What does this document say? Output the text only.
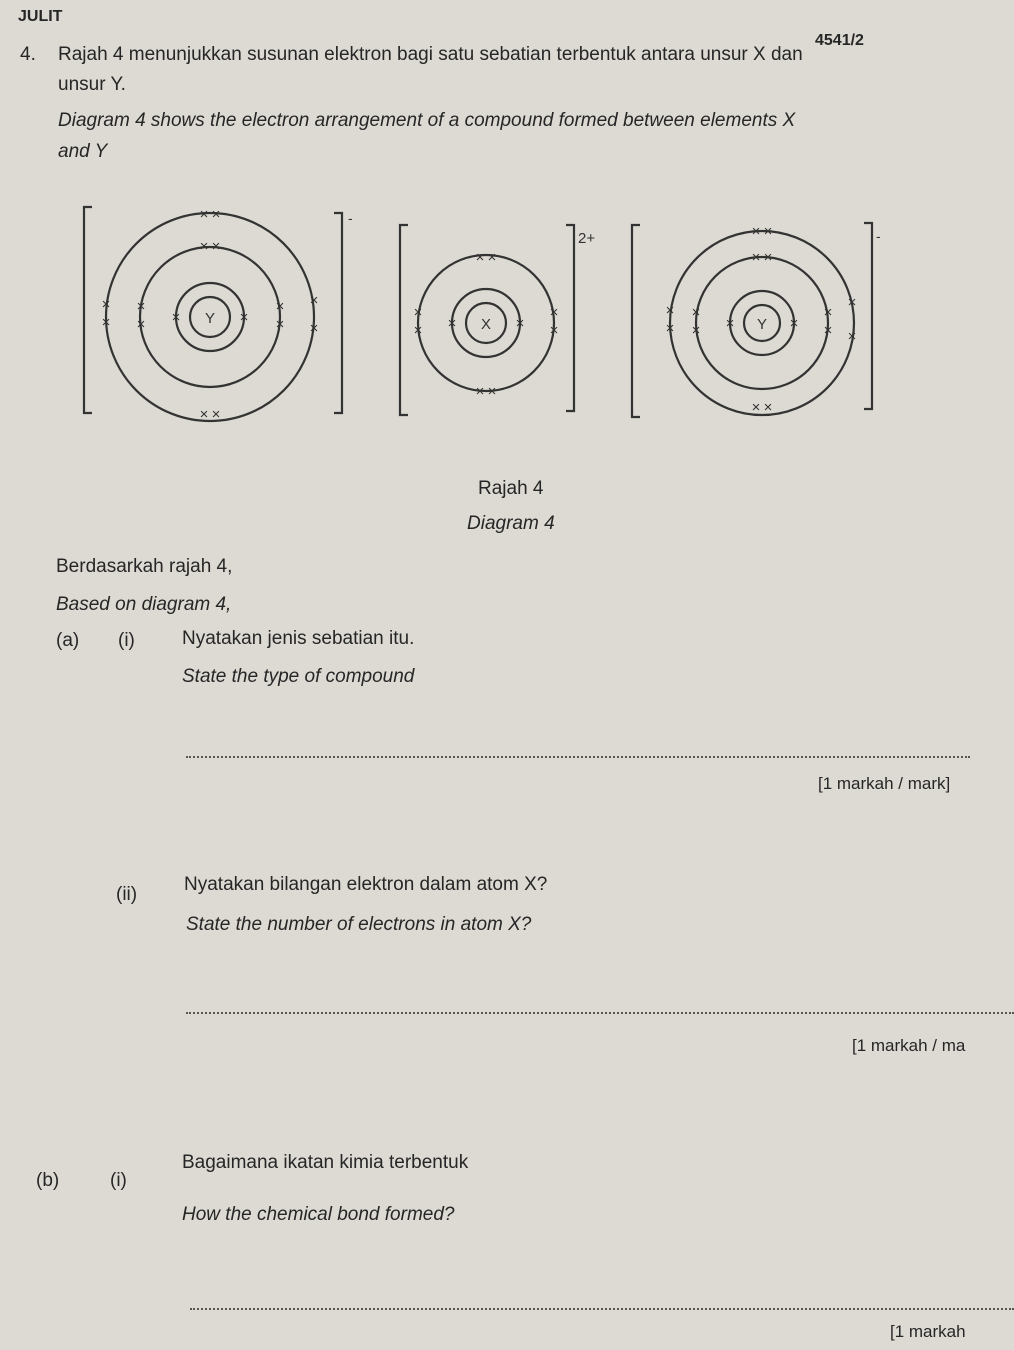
JULIT
4541/2
4. Rajah 4 menunjukkan susunan elektron bagi satu sebatian terbentuk antara unsur X dan
unsur Y.
Diagram 4 shows the electron arrangement of a compound formed between elements X
and Y
Y	X	Y
-
2+	-
×	×
× ×
×
×
×
×
× ×
×
×
×
×
× ×
×	×
× ×
×
×
×
×
× ×
×	×
× ×
×
×
×
×
× ×
×
×
×
×
× ×
Rajah 4
Diagram 4
Berdasarkah rajah 4,
Based on diagram 4,
(a) (i) Nyatakan jenis sebatian itu.
State the type of compound
[1 markah / mark]
(ii) Nyatakan bilangan elektron dalam atom X?
State the number of electrons in atom X?
[1 markah / ma
(b)	(i)
Bagaimana ikatan kimia terbentuk
How the chemical bond formed?
[1 markah
